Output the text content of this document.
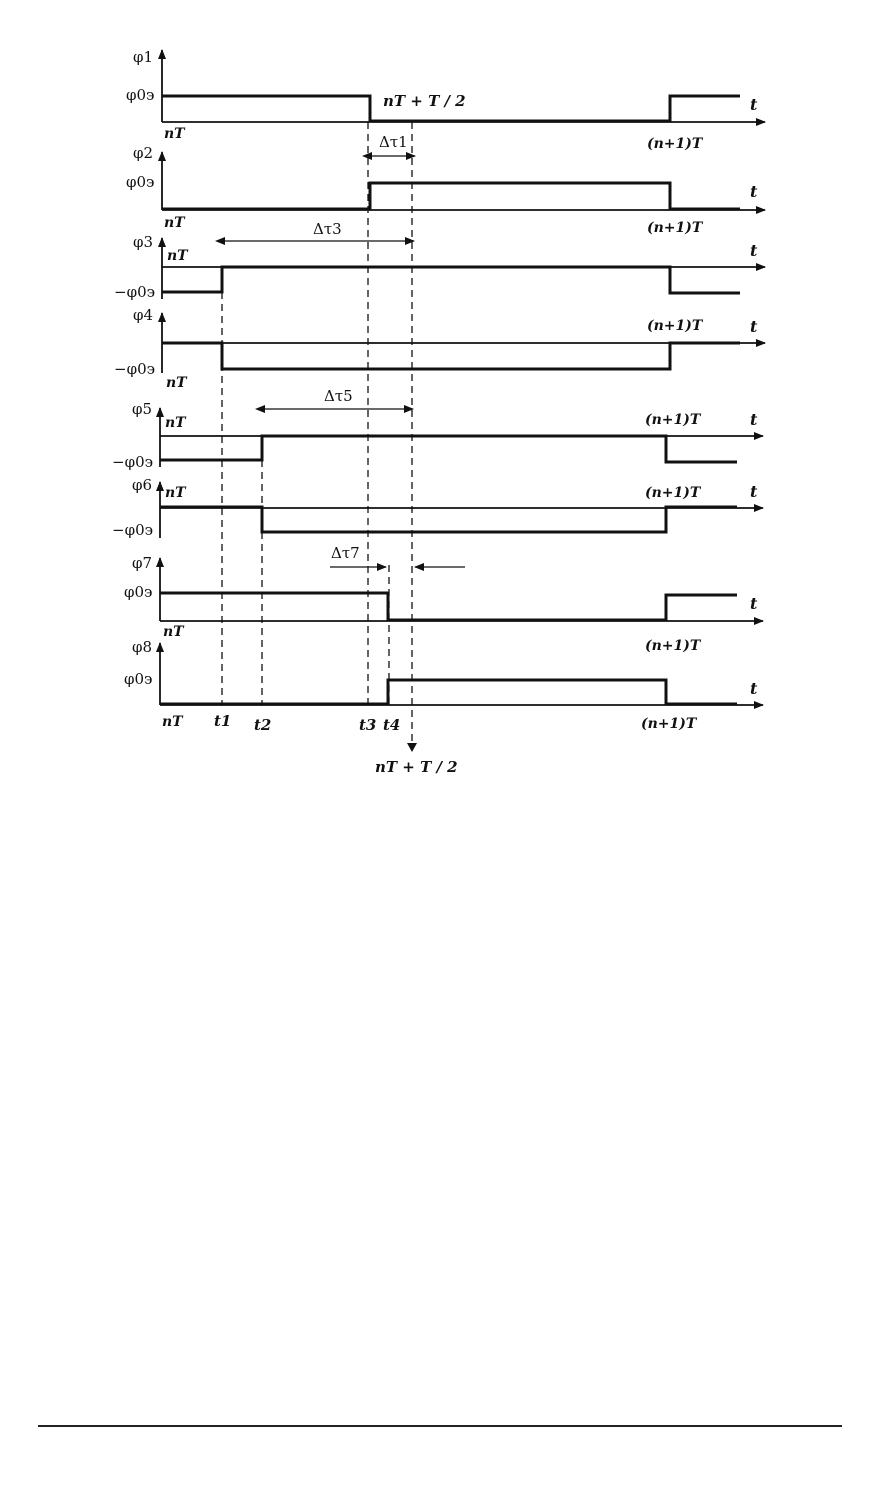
φ1
φ0э
nT
t
(n+1)T
nT + T / 2
φ2
φ0э
nT
t
(n+1)T
Δτ1
φ3
−φ0э
nT	t
Δτ3
φ4
−φ0э
nT
t
(n+1)T
φ5
−φ0э
nT	t
(n+1)T
Δτ5
φ6
−φ0э
nT	t
(n+1)T
φ7
φ0э
nT
t
(n+1)T
Δτ7
φ8
φ0э
nT
t
(n+1)T
t1 t2	t3 t4
nT + T / 2
